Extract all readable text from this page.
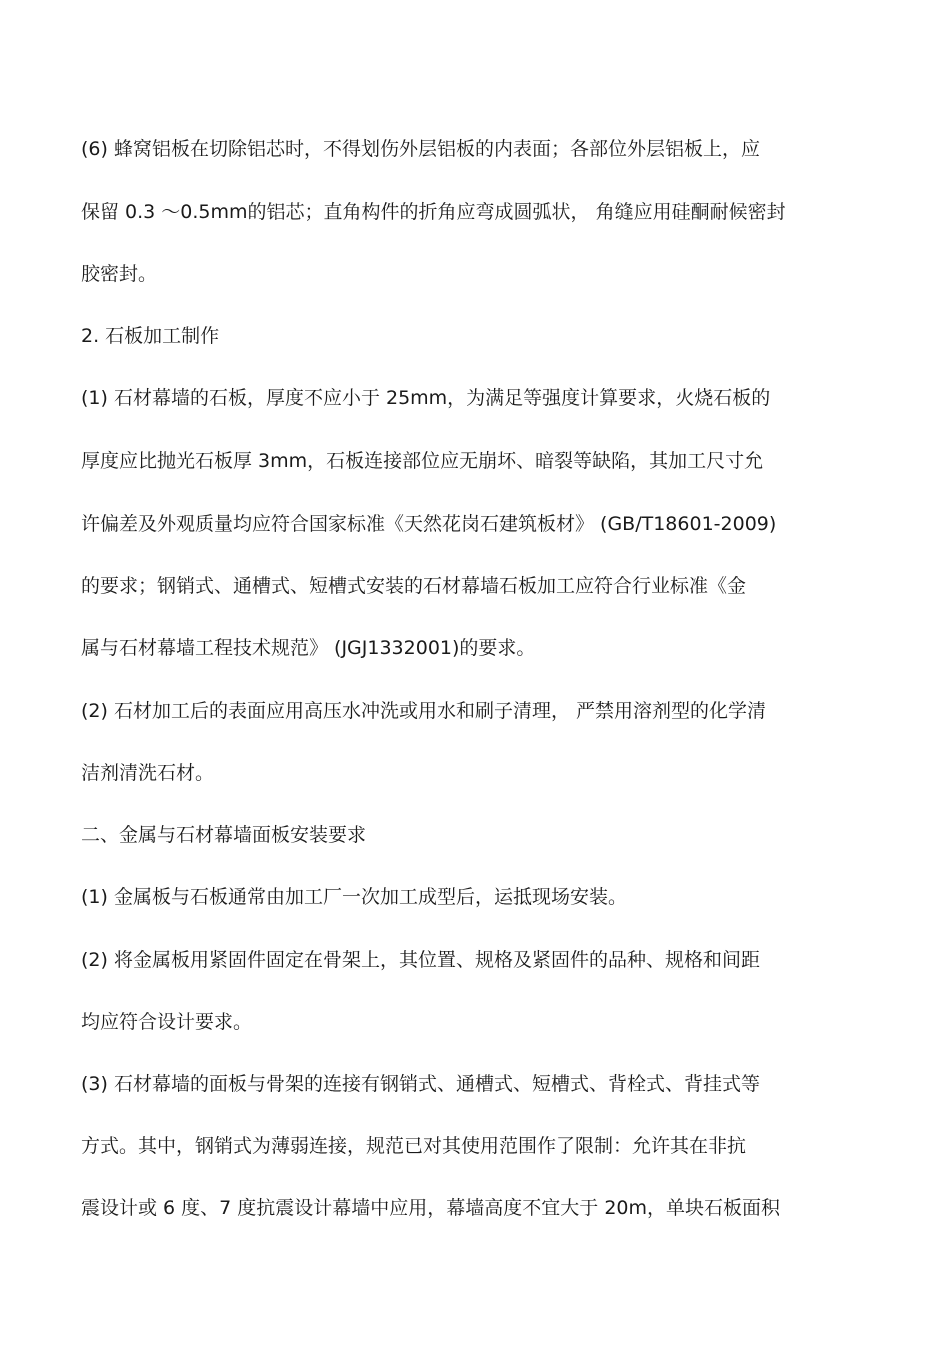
(6) 蜂窝铝板在切除铝芯时，不得划伤外层铝板的内表面；各部位外层铝板上，应
保留 0.3 ～0.5mm的铝芯；直角构件的折角应弯成圆弧状， 角缝应用硅酮耐候密封
胶密封。
2. 石板加工制作
(1) 石材幕墙的石板，厚度不应小于 25mm，为满足等强度计算要求，火烧石板的
厚度应比抛光石板厚 3mm，石板连接部位应无崩坏、暗裂等缺陷，其加工尺寸允
许偏差及外观质量均应符合国家标准《天然花岗石建筑板材》 (GB/T18601-2009)
的要求；钢销式、通槽式、短槽式安装的石材幕墙石板加工应符合行业标准《金
属与石材幕墙工程技术规范》 (JGJ1332001)的要求。
(2) 石材加工后的表面应用高压水冲洗或用水和刷子清理， 严禁用溶剂型的化学清
洁剂清洗石材。
二、金属与石材幕墙面板安装要求
(1) 金属板与石板通常由加工厂一次加工成型后，运抵现场安装。
(2) 将金属板用紧固件固定在骨架上，其位置、规格及紧固件的品种、规格和间距
均应符合设计要求。
(3) 石材幕墙的面板与骨架的连接有钢销式、通槽式、短槽式、背栓式、背挂式等
方式。其中，钢销式为薄弱连接，规范已对其使用范围作了限制：允许其在非抗
震设计或 6 度、7 度抗震设计幕墙中应用，幕墙高度不宜大于 20m，单块石板面积
